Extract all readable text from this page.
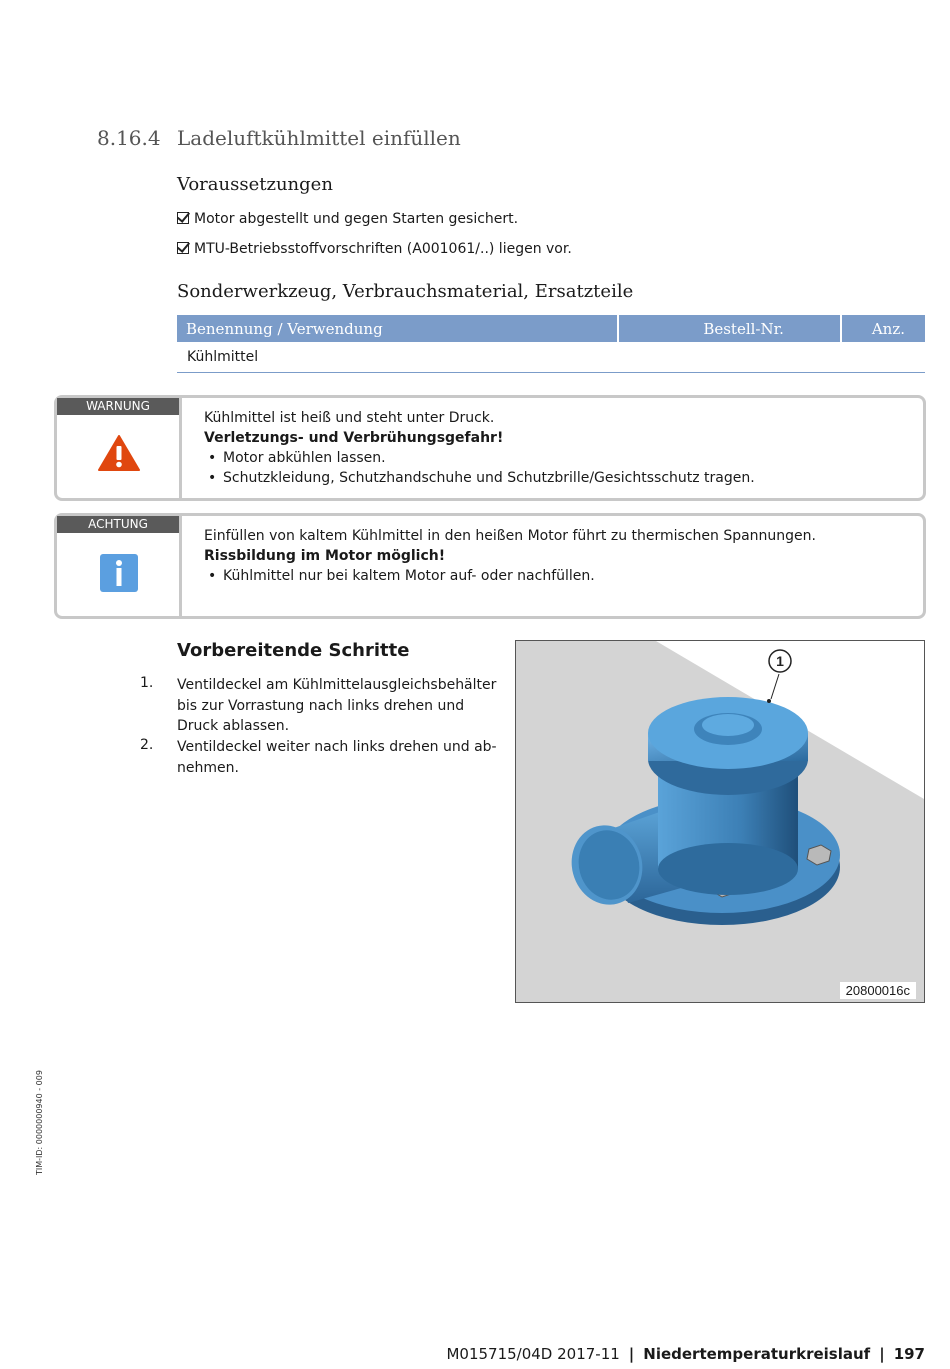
8.16.4 Ladeluftkühlmittel einfüllen
Voraussetzungen
Motor abgestellt und gegen Starten gesichert.
MTU-Betriebsstoffvorschriften (A001061/..) liegen vor.
Sonderwerkzeug, Verbrauchsmaterial, Ersatzteile
Benennung / Verwendung	Bestell-Nr.	Anz.
Kühlmittel		
WARNUNG
Kühlmittel ist heiß und steht unter Druck.
Verletzungs- und Verbrühungsgefahr!
• Motor abkühlen lassen.
• Schutzkleidung, Schutzhandschuhe und Schutzbrille/Gesichtsschutz tragen.
ACHTUNG
Einfüllen von kaltem Kühlmittel in den heißen Motor führt zu thermischen Spannungen.
Rissbildung im Motor möglich!
• Kühlmittel nur bei kaltem Motor auf- oder nachfüllen.
Vorbereitende Schritte
1. Ventildeckel am Kühlmittelausgleichsbehälter bis zur Vorrastung nach links drehen und Druck ablassen.
2. Ventildeckel weiter nach links drehen und ab-nehmen.
1
20800016c
TIM-ID: 0000000940 - 009
M015715/04D 2017-11 | Niedertemperaturkreislauf | 197
